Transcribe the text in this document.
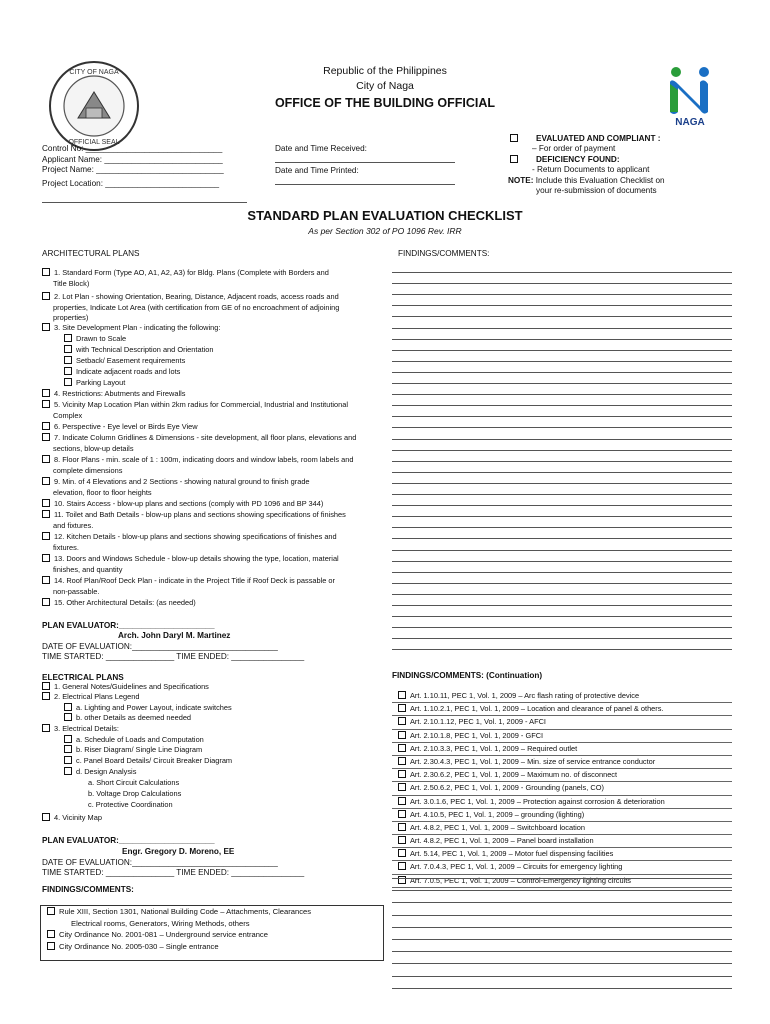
CITY OF NAGA
OFFICIAL SEAL
NAGA
Republic of the Philippines
City of Naga
OFFICE OF THE BUILDING OFFICIAL
Control No: ______________________________
Applicant Name: __________________________
Project Name: ____________________________
Project Location: _________________________
Date and Time Received:
Date and Time Printed:
EVALUATED AND COMPLIANT :
– For order of payment
DEFICIENCY FOUND:
- Return Documents to applicant
NOTE: Include this Evaluation Checklist on
your re-submission of documents
STANDARD PLAN EVALUATION CHECKLIST
As per Section 302 of PO 1096 Rev. IRR
ARCHITECTURAL PLANS	FINDINGS/COMMENTS:
1. Standard Form (Type AO, A1, A2, A3) for Bldg. Plans (Complete with Borders and
Title Block)
2. Lot Plan - showing Orientation, Bearing, Distance, Adjacent roads, access roads and
properties, Indicate Lot Area (with certification from GE of no encroachment of adjoining
properties)
3. Site Development Plan - indicating the following:
Drawn to Scale
with Technical Description and Orientation
Setback/ Easement requirements
Indicate adjacent roads and lots
Parking Layout
4. Restrictions: Abutments and Firewalls
5. Vicinity Map Location Plan within 2km radius for Commercial, Industrial and Institutional
Complex
6. Perspective - Eye level or Birds Eye View
7. Indicate Column Gridlines & Dimensions - site development, all floor plans, elevations and
sections, blow-up details
8. Floor Plans - min. scale of 1 : 100m, indicating doors and window labels, room labels and
complete dimensions
9. Min. of 4 Elevations and 2 Sections - showing natural ground to finish grade
elevation, floor to floor heights
10. Stairs Access - blow-up plans and sections (comply with PD 1096 and BP 344)
11. Toilet and Bath Details - blow-up plans and sections showing specifications of finishes
and fixtures.
12. Kitchen Details - blow-up plans and sections showing specifications of finishes and
fixtures.
13. Doors and Windows Schedule - blow-up details showing the type, location, material
finishes, and quantity
14. Roof Plan/Roof Deck Plan - indicate in the Project Title if Roof Deck is passable or
non-passable.
15. Other Architectural Details: (as needed)
PLAN EVALUATOR:_____________________
Arch. John Daryl M. Martinez
DATE OF EVALUATION:________________________________
TIME STARTED: _______________ TIME ENDED: ________________
ELECTRICAL PLANS	FINDINGS/COMMENTS: (Continuation)
1. General Notes/Guidelines and Specifications
2. Electrical Plans Legend
a. Lighting and Power Layout, indicate switches
b. other Details as deemed needed
3. Electrical Details:
a. Schedule of Loads and Computation
b. Riser Diagram/ Single Line Diagram
c. Panel Board Details/ Circuit Breaker Diagram
d. Design Analysis
a. Short Circuit Calculations
b. Voltage Drop Calculations
c. Protective Coordination
4. Vicinity Map
PLAN EVALUATOR:_____________________
Engr. Gregory D. Moreno, EE
DATE OF EVALUATION:________________________________
TIME STARTED: _______________ TIME ENDED: ________________
FINDINGS/COMMENTS:
Art. 1.10.11, PEC 1, Vol. 1, 2009 – Arc flash rating of protective device
Art. 1.10.2.1, PEC 1, Vol. 1, 2009 – Location and clearance of panel & others.
Art. 2.10.1.12, PEC 1, Vol. 1, 2009 - AFCI
Art. 2.10.1.8, PEC 1, Vol. 1, 2009 - GFCI
Art. 2.10.3.3, PEC 1, Vol. 1, 2009 – Required outlet
Art. 2.30.4.3, PEC 1, Vol. 1, 2009 – Min. size of service entrance conductor
Art. 2.30.6.2, PEC 1, Vol. 1, 2009 – Maximum no. of disconnect
Art. 2.50.6.2, PEC 1, Vol. 1, 2009 - Grounding (panels, CO)
Art. 3.0.1.6, PEC 1, Vol. 1, 2009 – Protection against corrosion & deterioration
Art. 4.10.5, PEC 1, Vol. 1, 2009 – grounding (lighting)
Art. 4.8.2, PEC 1, Vol. 1, 2009 – Switchboard location
Art. 4.8.2, PEC 1, Vol. 1, 2009 – Panel board installation
Art. 5.14, PEC 1, Vol. 1, 2009 – Motor fuel dispensing facilities
Art. 7.0.4.3, PEC 1, Vol. 1, 2009 – Circuits for emergency lighting
Art. 7.0.5, PEC 1, Vol. 1, 2009 – Control-Emergency lighting circuits
Rule XIII, Section 1301, National Building Code – Attachments, Clearances
Electrical rooms, Generators, Wiring Methods, others
City Ordinance No. 2001-081 – Underground service entrance
City Ordinance No. 2005-030 – Single entrance
